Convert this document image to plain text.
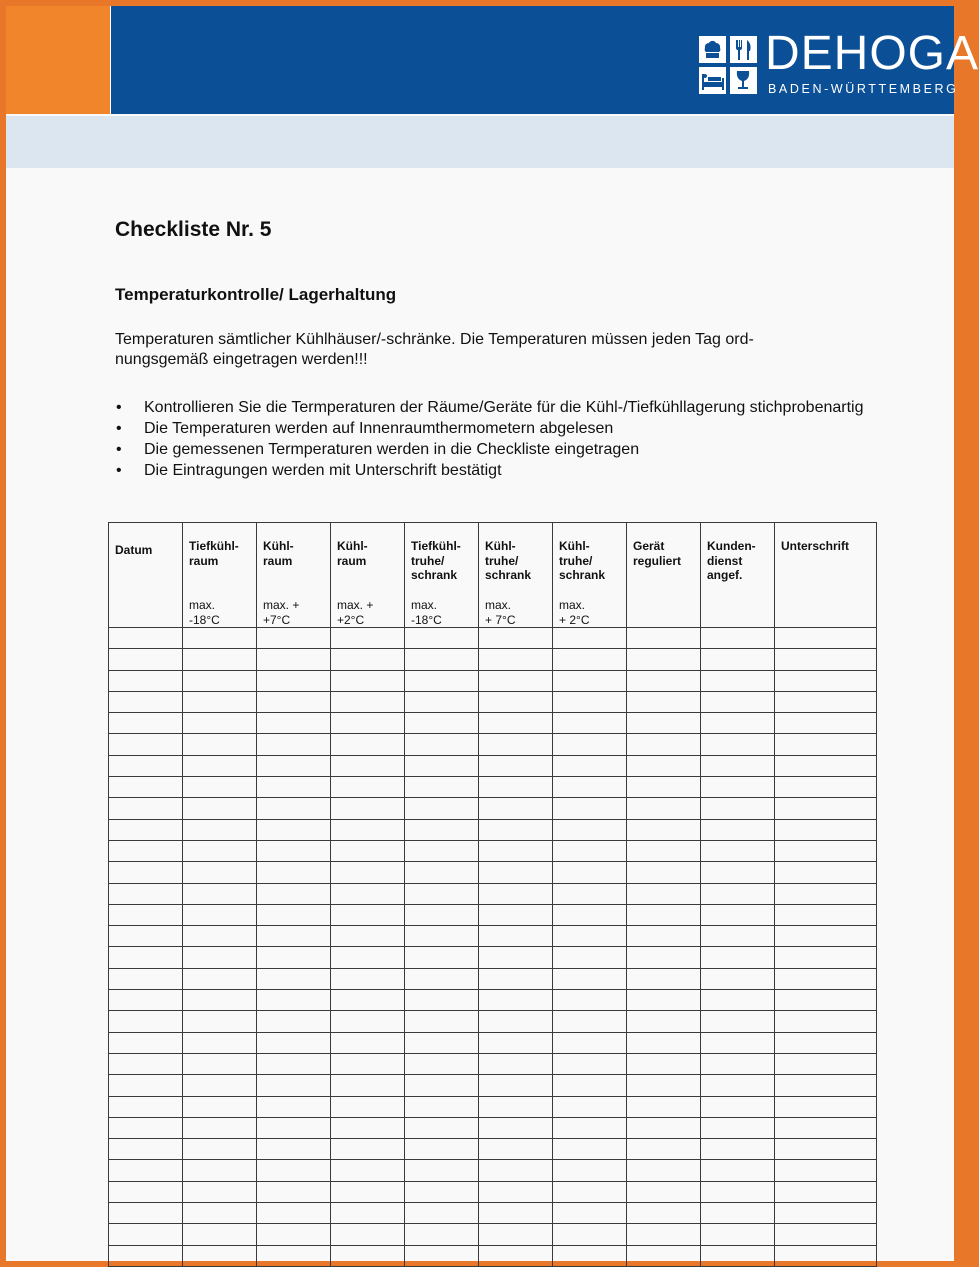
DEHOGA
BADEN-WÜRTTEMBERG
Checkliste Nr. 5
Temperaturkontrolle/ Lagerhaltung
Temperaturen sämtlicher Kühlhäuser/-schränke. Die Temperaturen müssen jeden Tag ord-
nungsgemäß eingetragen werden!!!
• Kontrollieren Sie die Termperaturen der Räume/Geräte für die Kühl-/Tiefkühllagerung stichprobenartig
• Die Temperaturen werden auf Innenraumthermometern abgelesen
• Die gemessenen Termperaturen werden in die Checkliste eingetragen
• Die Eintragungen werden mit Unterschrift bestätigt
Datum	Tiefkühl-
raum
max.
-18°C	Kühl-
raum
max. +
+7°C	Kühl-
raum
max. +
+2°C	Tiefkühl-
truhe/
schrank
max.
-18°C	Kühl-
truhe/
schrank
max.
+ 7°C	Kühl-
truhe/
schrank
max.
+ 2°C	Gerät
reguliert	Kunden-
dienst
angef.	Unterschrift
